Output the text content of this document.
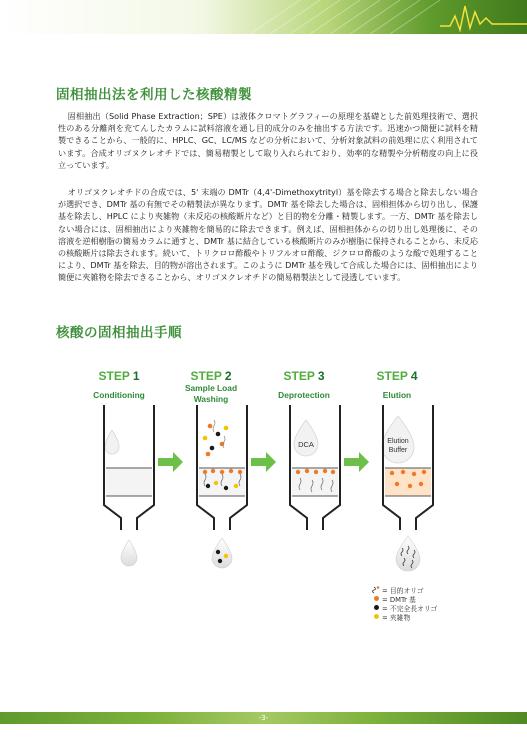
固相抽出法を利用した核酸精製

固相抽出（Solid Phase Extraction；SPE）は液体クロマトグラフィーの原理を基礎とした前処理技術で、選択性のある分離剤を充てんしたカラムに試料溶液を通し目的成分のみを抽出する方法です。迅速かつ簡便に試料を精製できることから、一般的に、HPLC、GC、LC/MS などの分析において、分析対象試料の前処理に広く利用されています。合成オリゴヌクレオチドでは、簡易精製として取り入れられており、効率的な精製や分析精度の向上に役立っています。

オリゴヌクレオチドの合成では、5' 末端の DMTr（4,4'-Dimethoxytrityl）基を除去する場合と除去しない場合が選択でき、DMTr 基の有無でその精製法が異なります。DMTr 基を除去した場合は、固相担体から切り出し、保護基を除去し、HPLC により夾雑物（未反応の核酸断片など）と目的物を分離・精製します。一方、DMTr 基を除去しない場合には、固相抽出により夾雑物を簡易的に除去できます。例えば、固相担体からの切り出し処理後に、その溶液を逆相樹脂の簡易カラムに通すと、DMTr 基に結合している核酸断片のみが樹脂に保持されることから、未反応の核酸断片は除去されます。続いて、トリクロロ酢酸やトリフルオロ酢酸、ジクロロ酢酸のような酸で処理することにより、DMTr 基を除去、目的物が溶出されます。このように DMTr 基を残して合成した場合には、固相抽出により簡便に夾雑物を除去できることから、オリゴヌクレオチドの簡易精製法として浸透しています。

核酸の固相抽出手順
STEP 1
Conditioning
STEP 2
Sample Load
Washing
STEP 3
Deprotection
STEP 4
Elution
DCA	Elution
Buffer
= 目的オリゴ
= DMTr 基
= 不完全長オリゴ
= 夾雑物
-3-
